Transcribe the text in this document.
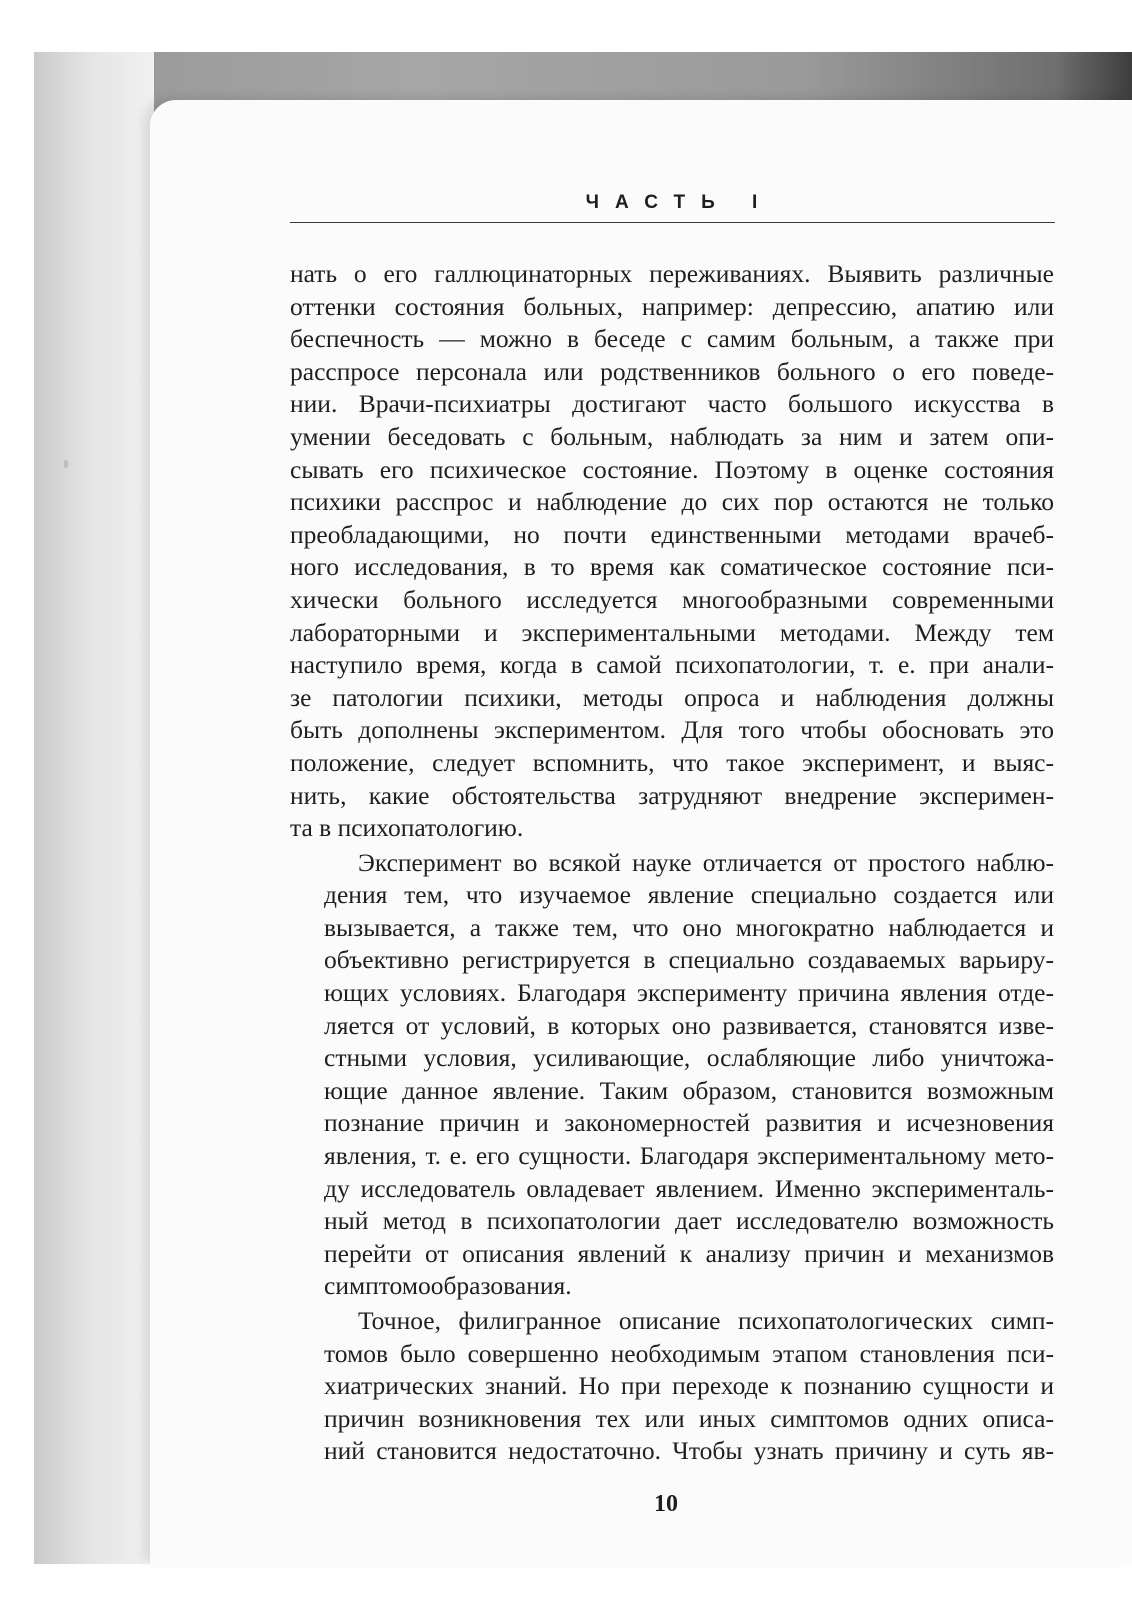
ЧАСТЬ I

нать о его галлюцинаторных переживаниях. Выявить различные
оттенки состояния больных, например: депрессию, апатию или
беспечность — можно в беседе с самим больным, а также при
расспросе персонала или родственников больного о его поведе-
нии. Врачи-психиатры достигают часто большого искусства в
умении беседовать с больным, наблюдать за ним и затем опи-
сывать его психическое состояние. Поэтому в оценке состояния
психики расспрос и наблюдение до сих пор остаются не только
преобладающими, но почти единственными методами врачеб-
ного исследования, в то время как соматическое состояние пси-
хически больного исследуется многообразными современными
лабораторными и экспериментальными методами. Между тем
наступило время, когда в самой психопатологии, т. е. при анали-
зе патологии психики, методы опроса и наблюдения должны
быть дополнены экспериментом. Для того чтобы обосновать это
положение, следует вспомнить, что такое эксперимент, и выяс-
нить, какие обстоятельства затрудняют внедрение эксперимен-
та в психопатологию.

Эксперимент во всякой науке отличается от простого наблю-
дения тем, что изучаемое явление специально создается или
вызывается, а также тем, что оно многократно наблюдается и
объективно регистрируется в специально создаваемых варьиру-
ющих условиях. Благодаря эксперименту причина явления отде-
ляется от условий, в которых оно развивается, становятся изве-
стными условия, усиливающие, ослабляющие либо уничтожа-
ющие данное явление. Таким образом, становится возможным
познание причин и закономерностей развития и исчезновения
явления, т. е. его сущности. Благодаря экспериментальному мето-
ду исследователь овладевает явлением. Именно эксперименталь-
ный метод в психопатологии дает исследователю возможность
перейти от описания явлений к анализу причин и механизмов
симптомообразования.

Точное, филигранное описание психопатологических симп-
томов было совершенно необходимым этапом становления пси-
хиатрических знаний. Но при переходе к познанию сущности и
причин возникновения тех или иных симптомов одних описа-
ний становится недостаточно. Чтобы узнать причину и суть яв-

10
